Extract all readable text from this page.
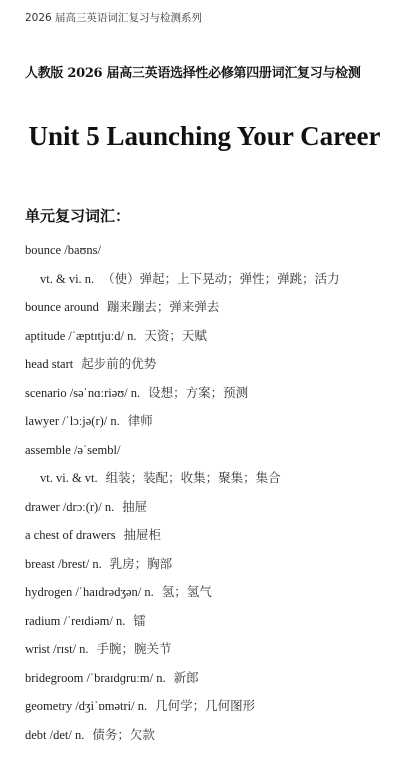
2026 届高三英语词汇复习与检测系列
人教版 2026 届高三英语选择性必修第四册词汇复习与检测
Unit 5 Launching Your Career
单元复习词汇：
bounce /baʊns/
vt. & vi. n. （使）弹起；上下晃动；弹性；弹跳；活力
bounce around 蹦来蹦去；弹来弹去
aptitude /ˈæptɪtjuːd/ n. 天资；天赋
head start 起步前的优势
scenario /səˈnɑːriəʊ/ n. 设想；方案；预测
lawyer /ˈlɔːjə(r)/ n. 律师
assemble /əˈsembl/
vt. vi. & vt. 组装；装配；收集；聚集；集合
drawer /drɔː(r)/ n. 抽屉
a chest of drawers 抽屉柜
breast /brest/ n. 乳房；胸部
hydrogen /ˈhaɪdrədʒən/ n. 氢；氢气
radium /ˈreɪdiəm/ n. 镭
wrist /rɪst/ n. 手腕；腕关节
bridegroom /ˈbraɪdɡruːm/ n. 新郎
geometry /dʒiˈɒmətri/ n. 几何学；几何图形
debt /det/ n. 债务；欠款
